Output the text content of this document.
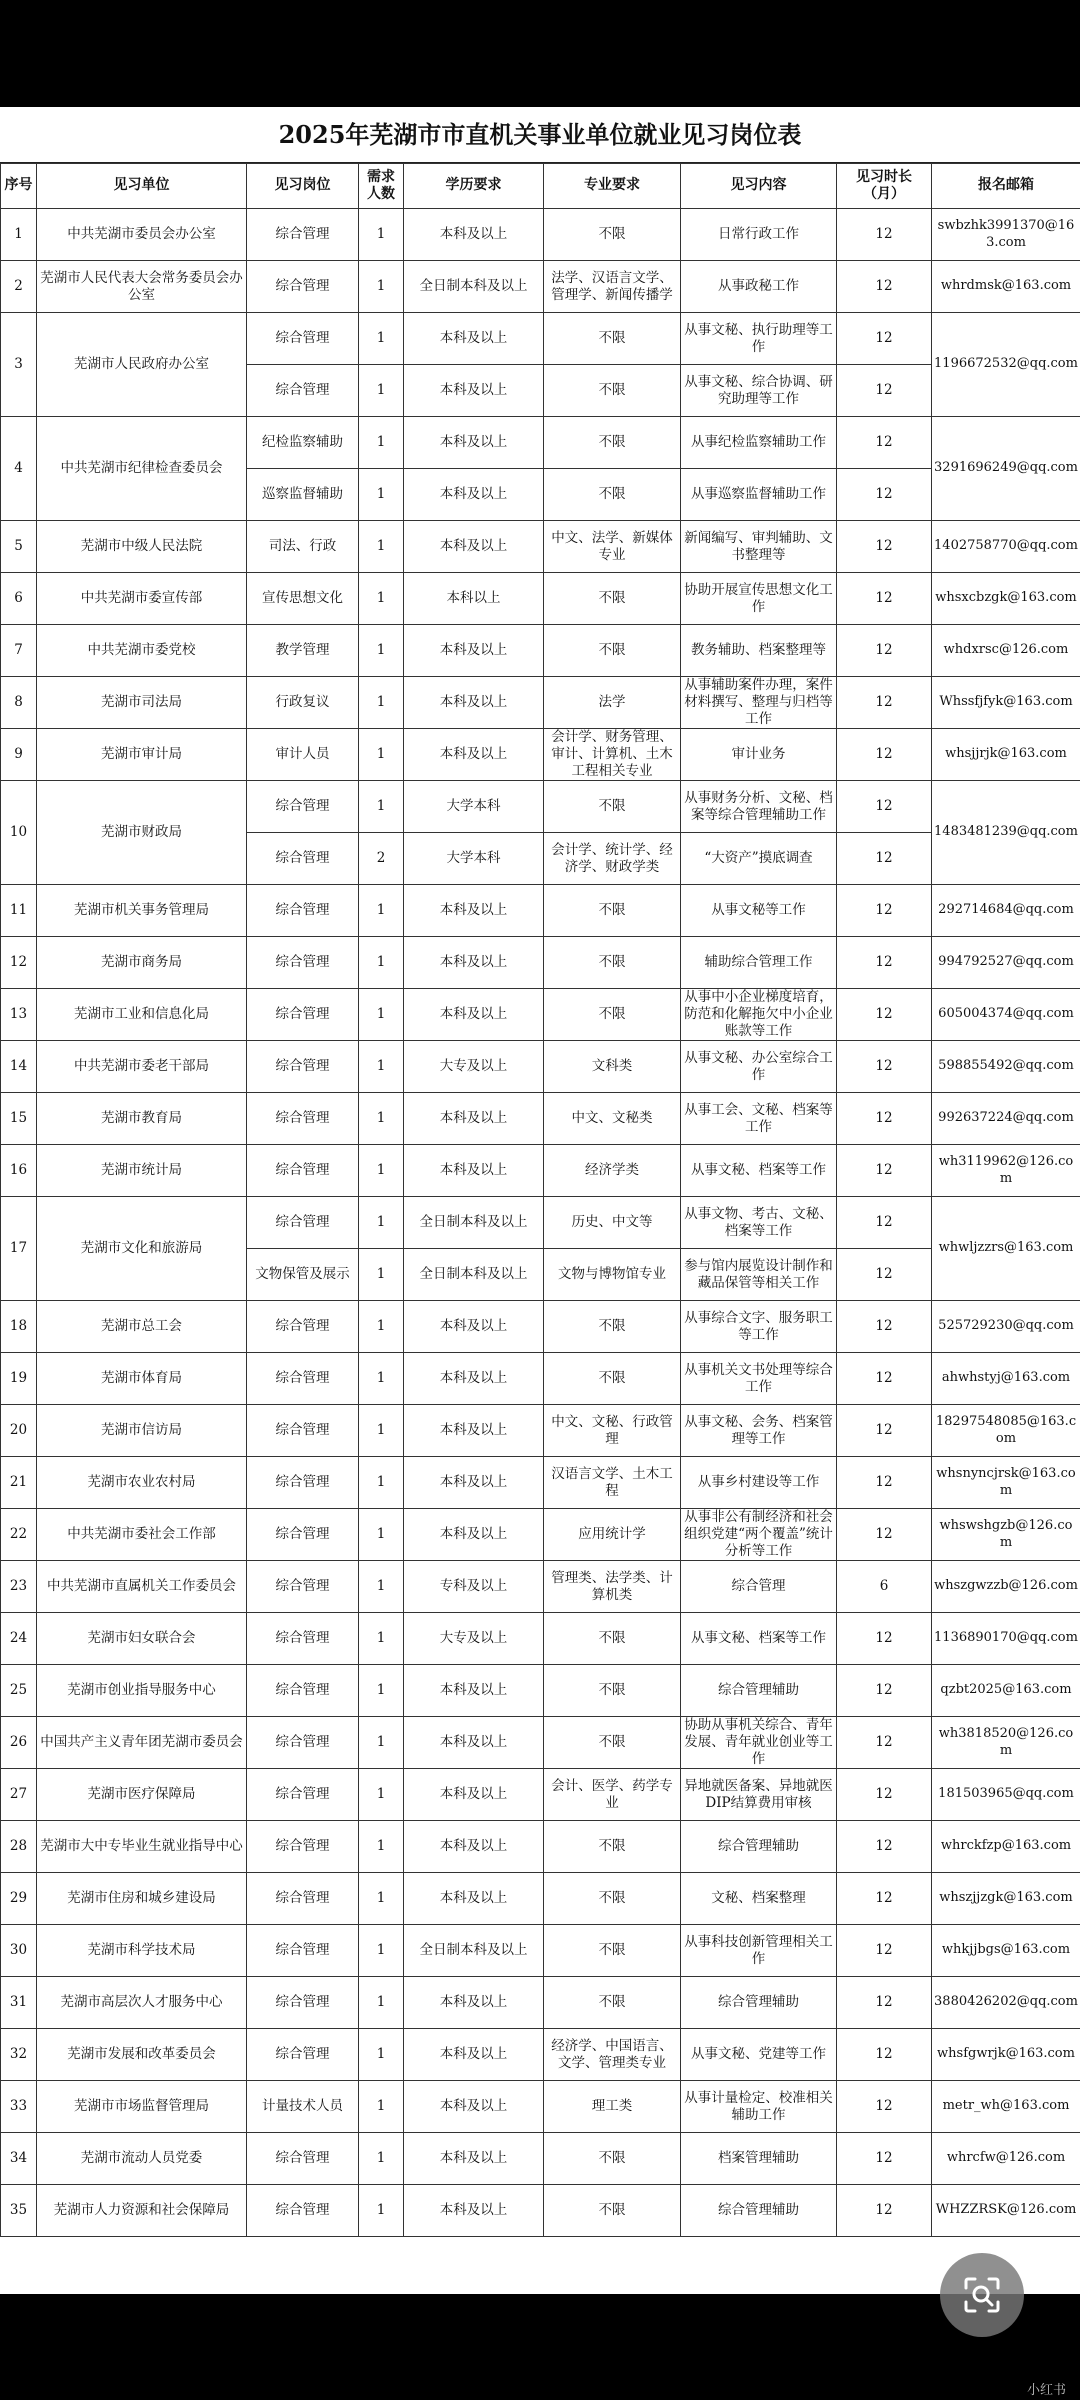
2025年芜湖市市直机关事业单位就业见习岗位表
序号	见习单位	见习岗位	需求人数	学历要求	专业要求	见习内容	见习时长（月）	报名邮箱
1	中共芜湖市委员会办公室	综合管理	1	本科及以上	不限	日常行政工作	12	swbzhk3991370@163.com
2	芜湖市人民代表大会常务委员会办公室	综合管理	1	全日制本科及以上	法学、汉语言文学、管理学、新闻传播学	从事政秘工作	12	whrdmsk@163.com
3	芜湖市人民政府办公室	综合管理	1	本科及以上	不限	从事文秘、执行助理等工作	12	1196672532@qq.com
		综合管理	1	本科及以上	不限	从事文秘、综合协调、研究助理等工作	12	
4	中共芜湖市纪律检查委员会	纪检监察辅助	1	本科及以上	不限	从事纪检监察辅助工作	12	3291696249@qq.com
		巡察监督辅助	1	本科及以上	不限	从事巡察监督辅助工作	12	
5	芜湖市中级人民法院	司法、行政	1	本科及以上	中文、法学、新媒体专业	新闻编写、审判辅助、文书整理等	12	1402758770@qq.com
6	中共芜湖市委宣传部	宣传思想文化	1	本科以上	不限	协助开展宣传思想文化工作	12	whsxcbzgk@163.com
7	中共芜湖市委党校	教学管理	1	本科及以上	不限	教务辅助、档案整理等	12	whdxrsc@126.com
8	芜湖市司法局	行政复议	1	本科及以上	法学	从事辅助案件办理，案件材料撰写、整理与归档等工作	12	Whssfjfyk@163.com
9	芜湖市审计局	审计人员	1	本科及以上	会计学、财务管理、审计、计算机、土木工程相关专业	审计业务	12	whsjjrjk@163.com
10	芜湖市财政局	综合管理	1	大学本科	不限	从事财务分析、文秘、档案等综合管理辅助工作	12	1483481239@qq.com
		综合管理	2	大学本科	会计学、统计学、经济学、财政学类	“大资产”摸底调查	12	
11	芜湖市机关事务管理局	综合管理	1	本科及以上	不限	从事文秘等工作	12	292714684@qq.com
12	芜湖市商务局	综合管理	1	本科及以上	不限	辅助综合管理工作	12	994792527@qq.com
13	芜湖市工业和信息化局	综合管理	1	本科及以上	不限	从事中小企业梯度培育，防范和化解拖欠中小企业账款等工作	12	605004374@qq.com
14	中共芜湖市委老干部局	综合管理	1	大专及以上	文科类	从事文秘、办公室综合工作	12	598855492@qq.com
15	芜湖市教育局	综合管理	1	本科及以上	中文、文秘类	从事工会、文秘、档案等工作	12	992637224@qq.com
16	芜湖市统计局	综合管理	1	本科及以上	经济学类	从事文秘、档案等工作	12	wh3119962@126.com
17	芜湖市文化和旅游局	综合管理	1	全日制本科及以上	历史、中文等	从事文物、考古、文秘、档案等工作	12	whwljzzrs@163.com
		文物保管及展示	1	全日制本科及以上	文物与博物馆专业	参与馆内展览设计制作和藏品保管等相关工作	12	
18	芜湖市总工会	综合管理	1	本科及以上	不限	从事综合文字、服务职工等工作	12	525729230@qq.com
19	芜湖市体育局	综合管理	1	本科及以上	不限	从事机关文书处理等综合工作	12	ahwhstyj@163.com
20	芜湖市信访局	综合管理	1	本科及以上	中文、文秘、行政管理	从事文秘、会务、档案管理等工作	12	18297548085@163.com
21	芜湖市农业农村局	综合管理	1	本科及以上	汉语言文学、土木工程	从事乡村建设等工作	12	whsnyncjrsk@163.com
22	中共芜湖市委社会工作部	综合管理	1	本科及以上	应用统计学	从事非公有制经济和社会组织党建“两个覆盖”统计分析等工作	12	whswshgzb@126.com
23	中共芜湖市直属机关工作委员会	综合管理	1	专科及以上	管理类、法学类、计算机类	综合管理	6	whszgwzzb@126.com
24	芜湖市妇女联合会	综合管理	1	大专及以上	不限	从事文秘、档案等工作	12	1136890170@qq.com
25	芜湖市创业指导服务中心	综合管理	1	本科及以上	不限	综合管理辅助	12	qzbt2025@163.com
26	中国共产主义青年团芜湖市委员会	综合管理	1	本科及以上	不限	协助从事机关综合、青年发展、青年就业创业等工作	12	wh3818520@126.com
27	芜湖市医疗保障局	综合管理	1	本科及以上	会计、医学、药学专业	异地就医备案、异地就医DIP结算费用审核	12	181503965@qq.com
28	芜湖市大中专毕业生就业指导中心	综合管理	1	本科及以上	不限	综合管理辅助	12	whrckfzp@163.com
29	芜湖市住房和城乡建设局	综合管理	1	本科及以上	不限	文秘、档案整理	12	whszjjzgk@163.com
30	芜湖市科学技术局	综合管理	1	全日制本科及以上	不限	从事科技创新管理相关工作	12	whkjjbgs@163.com
31	芜湖市高层次人才服务中心	综合管理	1	本科及以上	不限	综合管理辅助	12	3880426202@qq.com
32	芜湖市发展和改革委员会	综合管理	1	本科及以上	经济学、中国语言、文学、管理类专业	从事文秘、党建等工作	12	whsfgwrjk@163.com
33	芜湖市市场监督管理局	计量技术人员	1	本科及以上	理工类	从事计量检定、校准相关辅助工作	12	metr_wh@163.com
34	芜湖市流动人员党委	综合管理	1	本科及以上	不限	档案管理辅助	12	whrcfw@126.com
35	芜湖市人力资源和社会保障局	综合管理	1	本科及以上	不限	综合管理辅助	12	WHZZRSK@126.com
小红书
